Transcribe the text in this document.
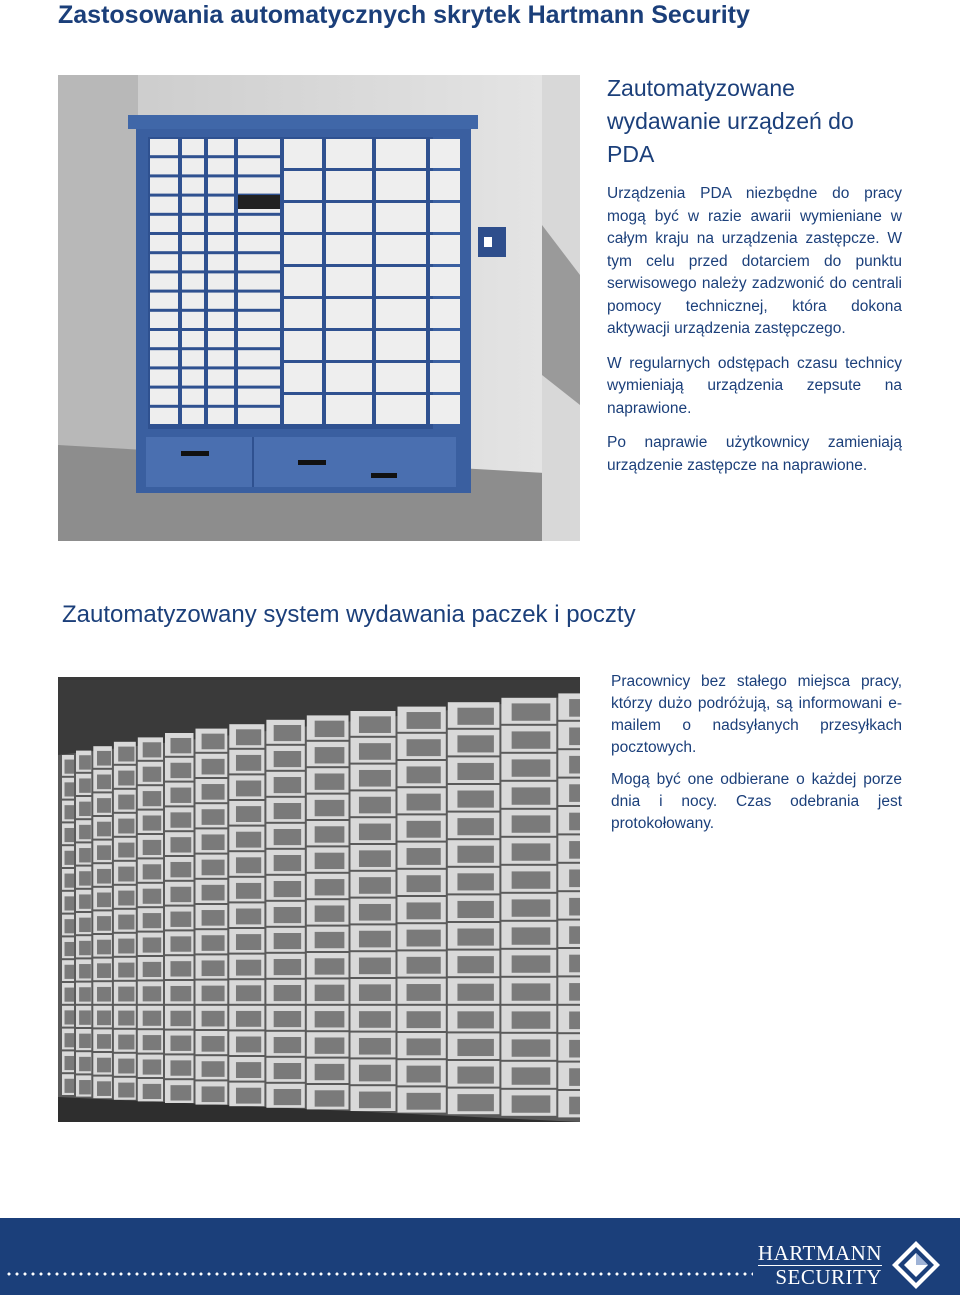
Zastosowania automatycznych skrytek Hartmann Security
Zautomatyzowane wydawanie urządzeń do PDA

Urządzenia PDA niezbędne do pracy mogą być w razie awarii wymieniane w całym kraju na urządzenia zastępcze. W tym celu przed dotarciem do punktu serwisowego należy zadzwonić do centrali pomocy technicznej, która dokona aktywacji urządzenia zastępczego.

W regularnych odstępach czasu technicy wymieniają urządzenia zepsute na naprawione.

Po naprawie użytkownicy zamieniają urządzenie zastępcze na naprawione.

Zautomatyzowany system wydawania paczek i poczty

Pracownicy bez stałego miejsca pracy, którzy dużo podróżują, są informowani e-mailem o nadsyłanych przesyłkach pocztowych.

Mogą być one odbierane o każdej porze dnia i nocy. Czas odebrania jest protokołowany.

HARTMANN
SECURITY
